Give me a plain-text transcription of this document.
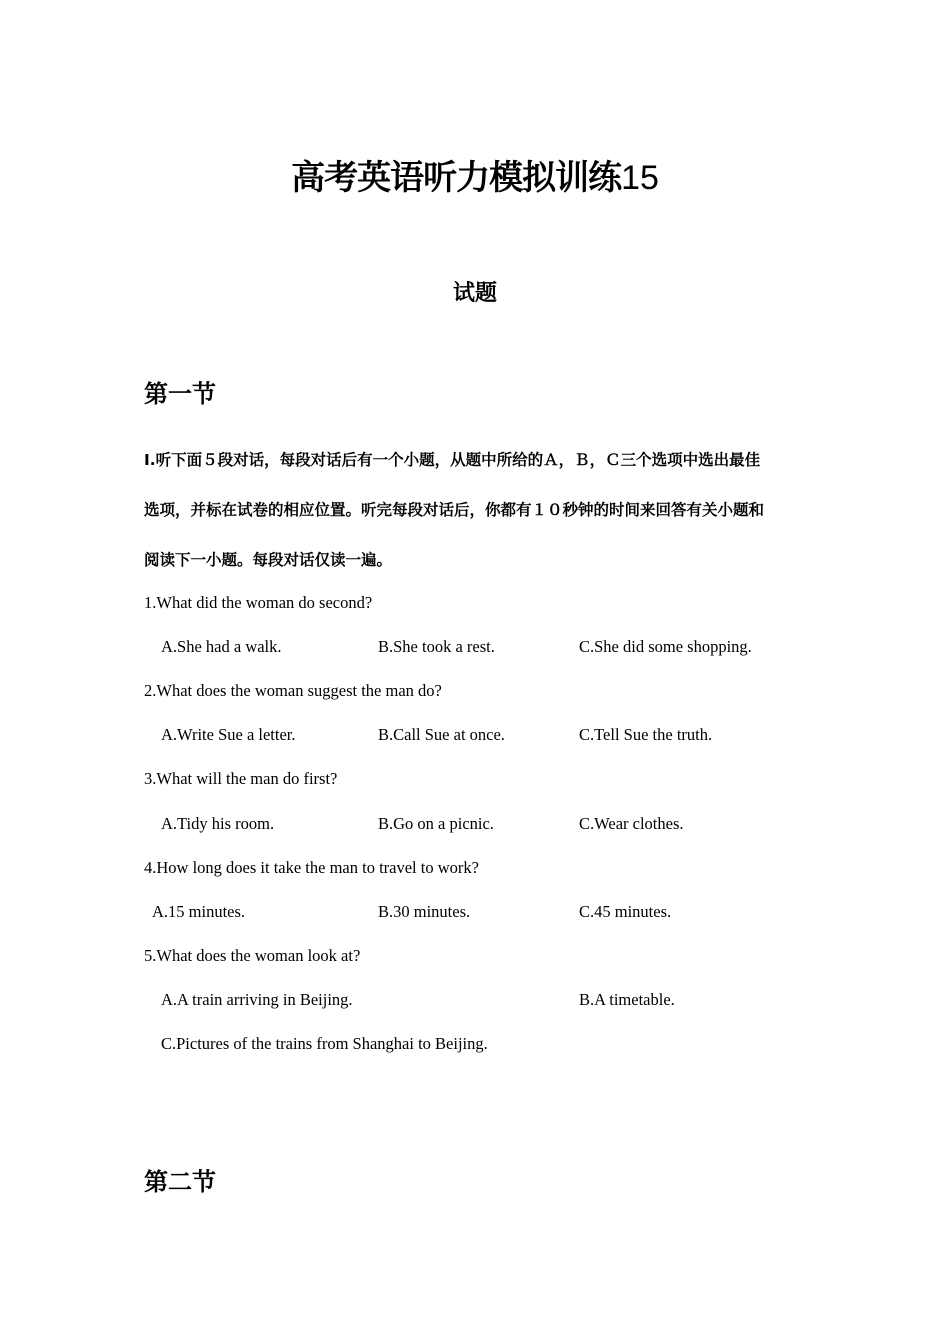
高考英语听力模拟训练15
试题
第一节
Ⅰ.听下面５段对话，每段对话后有一个小题，从题中所给的Ａ，Ｂ，Ｃ三个选项中选出最佳
选项，并标在试卷的相应位置。听完每段对话后，你都有１０秒钟的时间来回答有关小题和
阅读下一小题。每段对话仅读一遍。
1.What did the woman do second?
A.She had a walk.	B.She took a rest.	C.She did some shopping.
2.What does the woman suggest the man do?
A.Write Sue a letter.	B.Call Sue at once.	C.Tell Sue the truth.
3.What will the man do first?
A.Tidy his room.	B.Go on a picnic.	C.Wear clothes.
4.How long does it take the man to travel to work?
A.15 minutes.	B.30 minutes.	C.45 minutes.
5.What does the woman look at?
A.A train arriving in Beijing.	B.A timetable.
C.Pictures of the trains from Shanghai to Beijing.
第二节
